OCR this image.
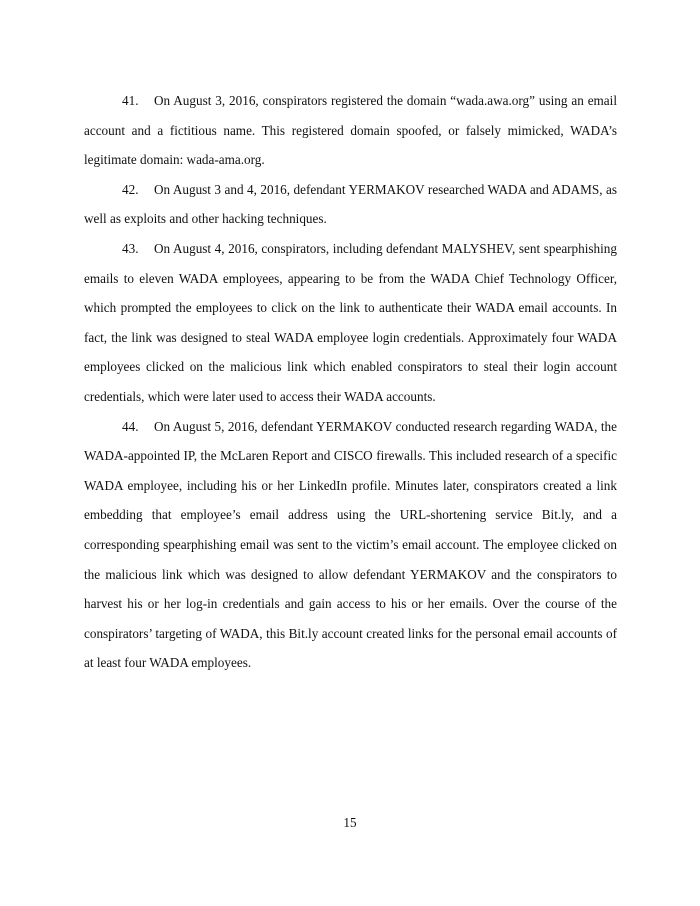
41. On August 3, 2016, conspirators registered the domain “wada.awa.org” using an email account and a fictitious name. This registered domain spoofed, or falsely mimicked, WADA’s legitimate domain: wada-ama.org.

42. On August 3 and 4, 2016, defendant YERMAKOV researched WADA and ADAMS, as well as exploits and other hacking techniques.

43. On August 4, 2016, conspirators, including defendant MALYSHEV, sent spearphishing emails to eleven WADA employees, appearing to be from the WADA Chief Technology Officer, which prompted the employees to click on the link to authenticate their WADA email accounts. In fact, the link was designed to steal WADA employee login credentials. Approximately four WADA employees clicked on the malicious link which enabled conspirators to steal their login account credentials, which were later used to access their WADA accounts.

44. On August 5, 2016, defendant YERMAKOV conducted research regarding WADA, the WADA-appointed IP, the McLaren Report and CISCO firewalls. This included research of a specific WADA employee, including his or her LinkedIn profile. Minutes later, conspirators created a link embedding that employee’s email address using the URL-shortening service Bit.ly, and a corresponding spearphishing email was sent to the victim’s email account. The employee clicked on the malicious link which was designed to allow defendant YERMAKOV and the conspirators to harvest his or her log-in credentials and gain access to his or her emails. Over the course of the conspirators’ targeting of WADA, this Bit.ly account created links for the personal email accounts of at least four WADA employees.

15
